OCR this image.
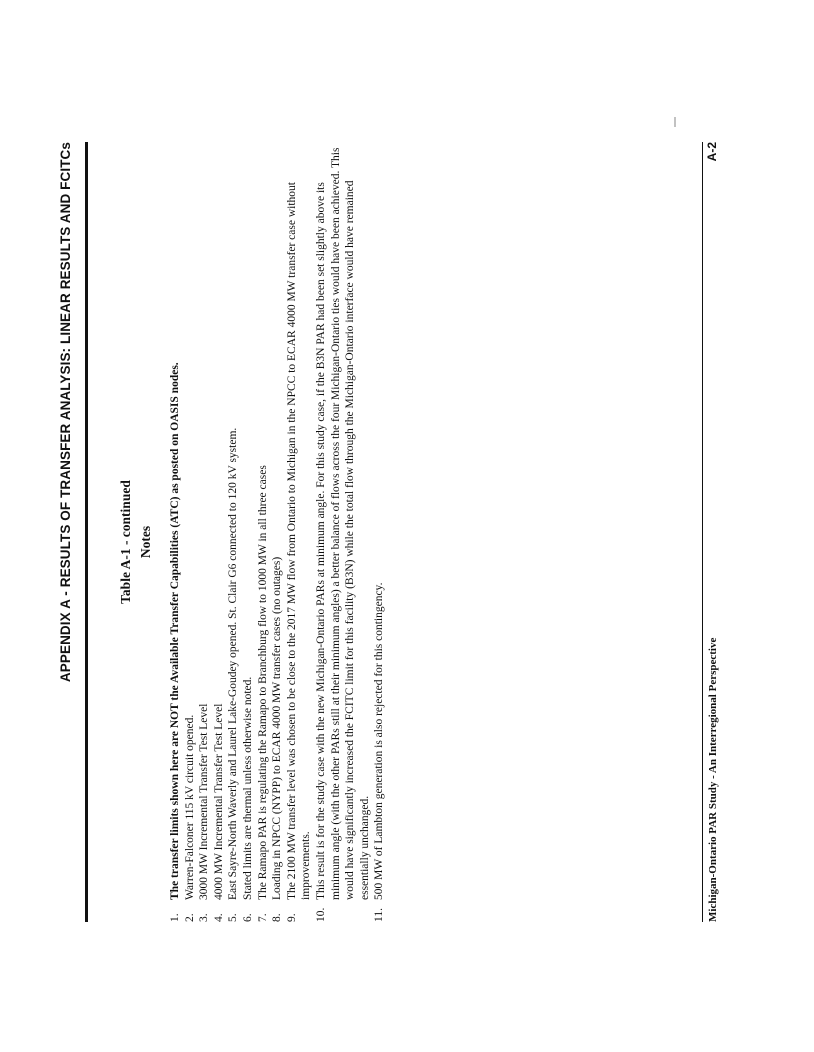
APPENDIX A - RESULTS OF TRANSFER ANALYSIS: LINEAR RESULTS AND FCITCs	Table A-1 - continued Notes
1.
The transfer limits shown here are NOT the Available Transfer Capabilities (ATC) as posted on OASIS nodes.
2.
Warren-Falconer 115 kV circuit opened.
3.
3000 MW Incremental Transfer Test Level
4.
4000 MW Incremental Transfer Test Level
5.
East Sayre-North Waverly and Laurel Lake-Goudey opened. St. Clair G6 connected to 120 kV system.
6.
Stated limits are thermal unless otherwise noted.
7.
The Ramapo PAR is regulating the Ramapo to Branchburg flow to 1000 MW in all three cases
8.
Loading in NPCC (NYPP) to ECAR 4000 MW transfer cases (no outages)
9.
The 2100 MW transfer level was chosen to be close to the 2017 MW flow from Ontario to Michigan in the NPCC to ECAR 4000 MW transfer case without improvements.
10.
This result is for the study case with the new Michigan-Ontario PARs at minimum angle. For this study case, if the B3N PAR had been set slightly above its minimum angle (with the other PARs still at their minimum angles) a better balance of flows across the four Michigan-Ontario ties would have been achieved. This would have significantly increased the FCITC limit for this facility (B3N) while the total flow through the Michigan-Ontario interface would have remained essentially unchanged.
11.
500 MW of Lambton generation is also rejected for this contingency.	Michigan-Ontario PAR Study - An Interregional Perspective
A-2
